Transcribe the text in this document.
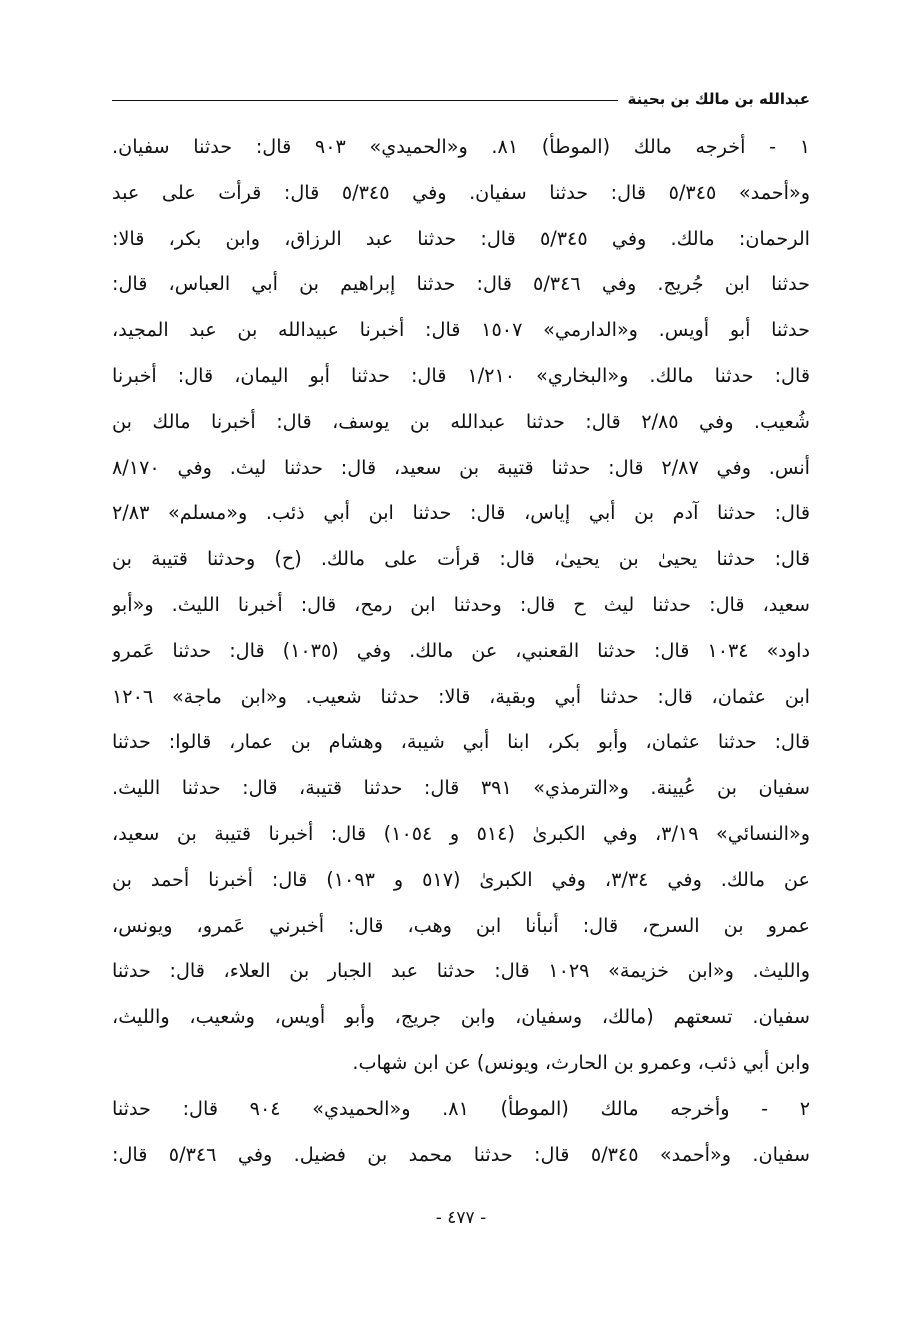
عبدالله بن مالك بن بحينة
١ - أخرجه مالك (الموطأ) ٨١. و«الحميدي» ٩٠٣ قال: حدثنا سفيان.
و«أحمد» ٥/٣٤٥ قال: حدثنا سفيان. وفي ٥/٣٤٥ قال: قرأت على عبد
الرحمان: مالك. وفي ٥/٣٤٥ قال: حدثنا عبد الرزاق، وابن بكر، قالا:
حدثنا ابن جُريج. وفي ٥/٣٤٦ قال: حدثنا إبراهيم بن أبي العباس، قال:
حدثنا أبو أويس. و«الدارمي» ١٥٠٧ قال: أخبرنا عبيدالله بن عبد المجيد،
قال: حدثنا مالك. و«البخاري» ١/٢١٠ قال: حدثنا أبو اليمان، قال: أخبرنا
شُعيب. وفي ٢/٨٥ قال: حدثنا عبدالله بن يوسف، قال: أخبرنا مالك بن
أنس. وفي ٢/٨٧ قال: حدثنا قتيبة بن سعيد، قال: حدثنا ليث. وفي ٨/١٧٠
قال: حدثنا آدم بن أبي إياس، قال: حدثنا ابن أبي ذئب. و«مسلم» ٢/٨٣
قال: حدثنا يحيىٰ بن يحيىٰ، قال: قرأت على مالك. (ح) وحدثنا قتيبة بن
سعيد، قال: حدثنا ليث ح قال: وحدثنا ابن رمح، قال: أخبرنا الليث. و«أبو
داود» ١٠٣٤ قال: حدثنا القعنبي، عن مالك. وفي (١٠٣٥) قال: حدثنا عَمرو
ابن عثمان، قال: حدثنا أبي وبقية، قالا: حدثنا شعيب. و«ابن ماجة» ١٢٠٦
قال: حدثنا عثمان، وأبو بكر، ابنا أبي شيبة، وهشام بن عمار، قالوا: حدثنا
سفيان بن عُيينة. و«الترمذي» ٣٩١ قال: حدثنا قتيبة، قال: حدثنا الليث.
و«النسائي» ٣/١٩، وفي الكبرىٰ (٥١٤ و ١٠٥٤) قال: أخبرنا قتيبة بن سعيد،
عن مالك. وفي ٣/٣٤، وفي الكبرىٰ (٥١٧ و ١٠٩٣) قال: أخبرنا أحمد بن
عمرو بن السرح، قال: أنبأنا ابن وهب، قال: أخبرني عَمرو، ويونس،
والليث. و«ابن خزيمة» ١٠٢٩ قال: حدثنا عبد الجبار بن العلاء، قال: حدثنا
سفيان. تسعتهم (مالك، وسفيان، وابن جريج، وأبو أويس، وشعيب، والليث،
وابن أبي ذئب، وعمرو بن الحارث، ويونس) عن ابن شهاب.
٢ - وأخرجه مالك (الموطأ) ٨١. و«الحميدي» ٩٠٤ قال: حدثنا
سفيان. و«أحمد» ٥/٣٤٥ قال: حدثنا محمد بن فضيل. وفي ٥/٣٤٦ قال:
- ٤٧٧ -
